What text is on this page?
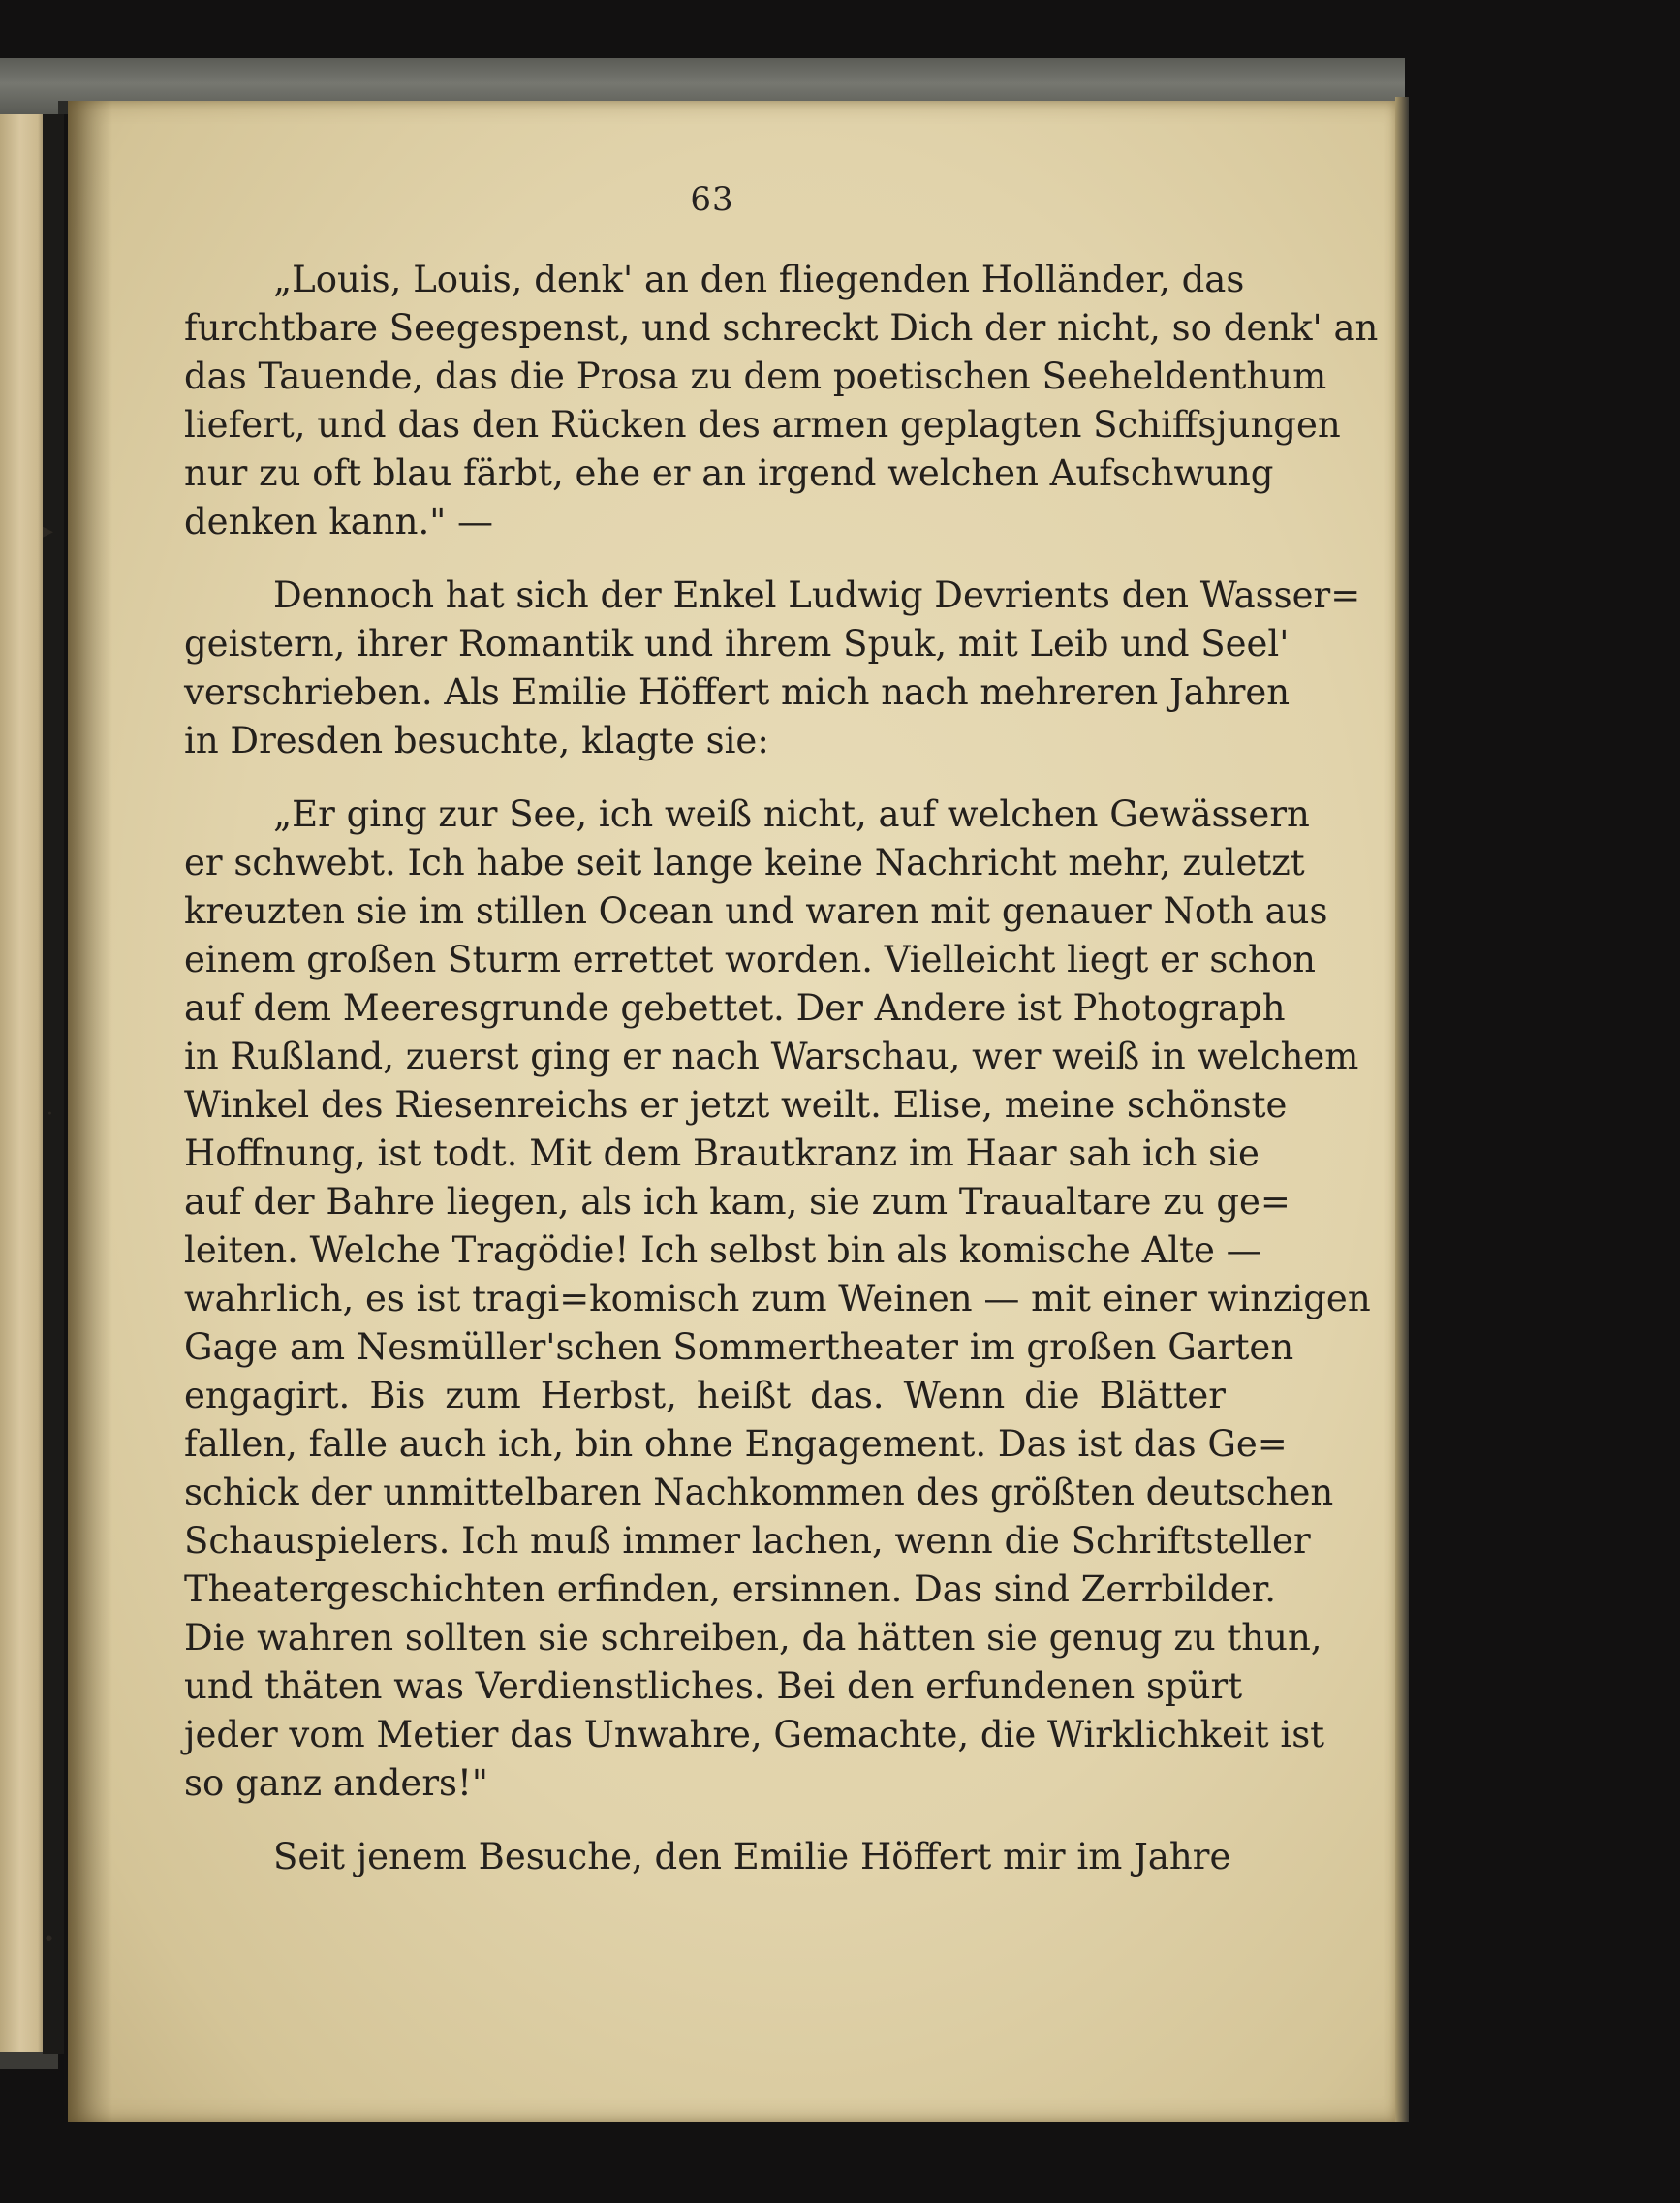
▸
·
•
63
„Louis, Louis, denk' an den fliegenden Holländer, das
furchtbare Seegespenst, und schreckt Dich der nicht, so denk' an
das Tauende, das die Prosa zu dem poetischen Seeheldenthum
liefert, und das den Rücken des armen geplagten Schiffsjungen
nur zu oft blau färbt, ehe er an irgend welchen Aufschwung
denken kann." —
Dennoch hat sich der Enkel Ludwig Devrients den Wasser=
geistern, ihrer Romantik und ihrem Spuk, mit Leib und Seel'
verschrieben. Als Emilie Höffert mich nach mehreren Jahren
in Dresden besuchte, klagte sie:
„Er ging zur See, ich weiß nicht, auf welchen Gewässern
er schwebt. Ich habe seit lange keine Nachricht mehr, zuletzt
kreuzten sie im stillen Ocean und waren mit genauer Noth aus
einem großen Sturm errettet worden. Vielleicht liegt er schon
auf dem Meeresgrunde gebettet. Der Andere ist Photograph
in Rußland, zuerst ging er nach Warschau, wer weiß in welchem
Winkel des Riesenreichs er jetzt weilt. Elise, meine schönste
Hoffnung, ist todt. Mit dem Brautkranz im Haar sah ich sie
auf der Bahre liegen, als ich kam, sie zum Traualtare zu ge=
leiten. Welche Tragödie! Ich selbst bin als komische Alte —
wahrlich, es ist tragi=komisch zum Weinen — mit einer winzigen
Gage am Nesmüller'schen Sommertheater im großen Garten
engagirt. Bis zum Herbst, heißt das. Wenn die Blätter
fallen, falle auch ich, bin ohne Engagement. Das ist das Ge=
schick der unmittelbaren Nachkommen des größten deutschen
Schauspielers. Ich muß immer lachen, wenn die Schriftsteller
Theatergeschichten erfinden, ersinnen. Das sind Zerrbilder.
Die wahren sollten sie schreiben, da hätten sie genug zu thun,
und thäten was Verdienstliches. Bei den erfundenen spürt
jeder vom Metier das Unwahre, Gemachte, die Wirklichkeit ist
so ganz anders!"
Seit jenem Besuche, den Emilie Höffert mir im Jahre
